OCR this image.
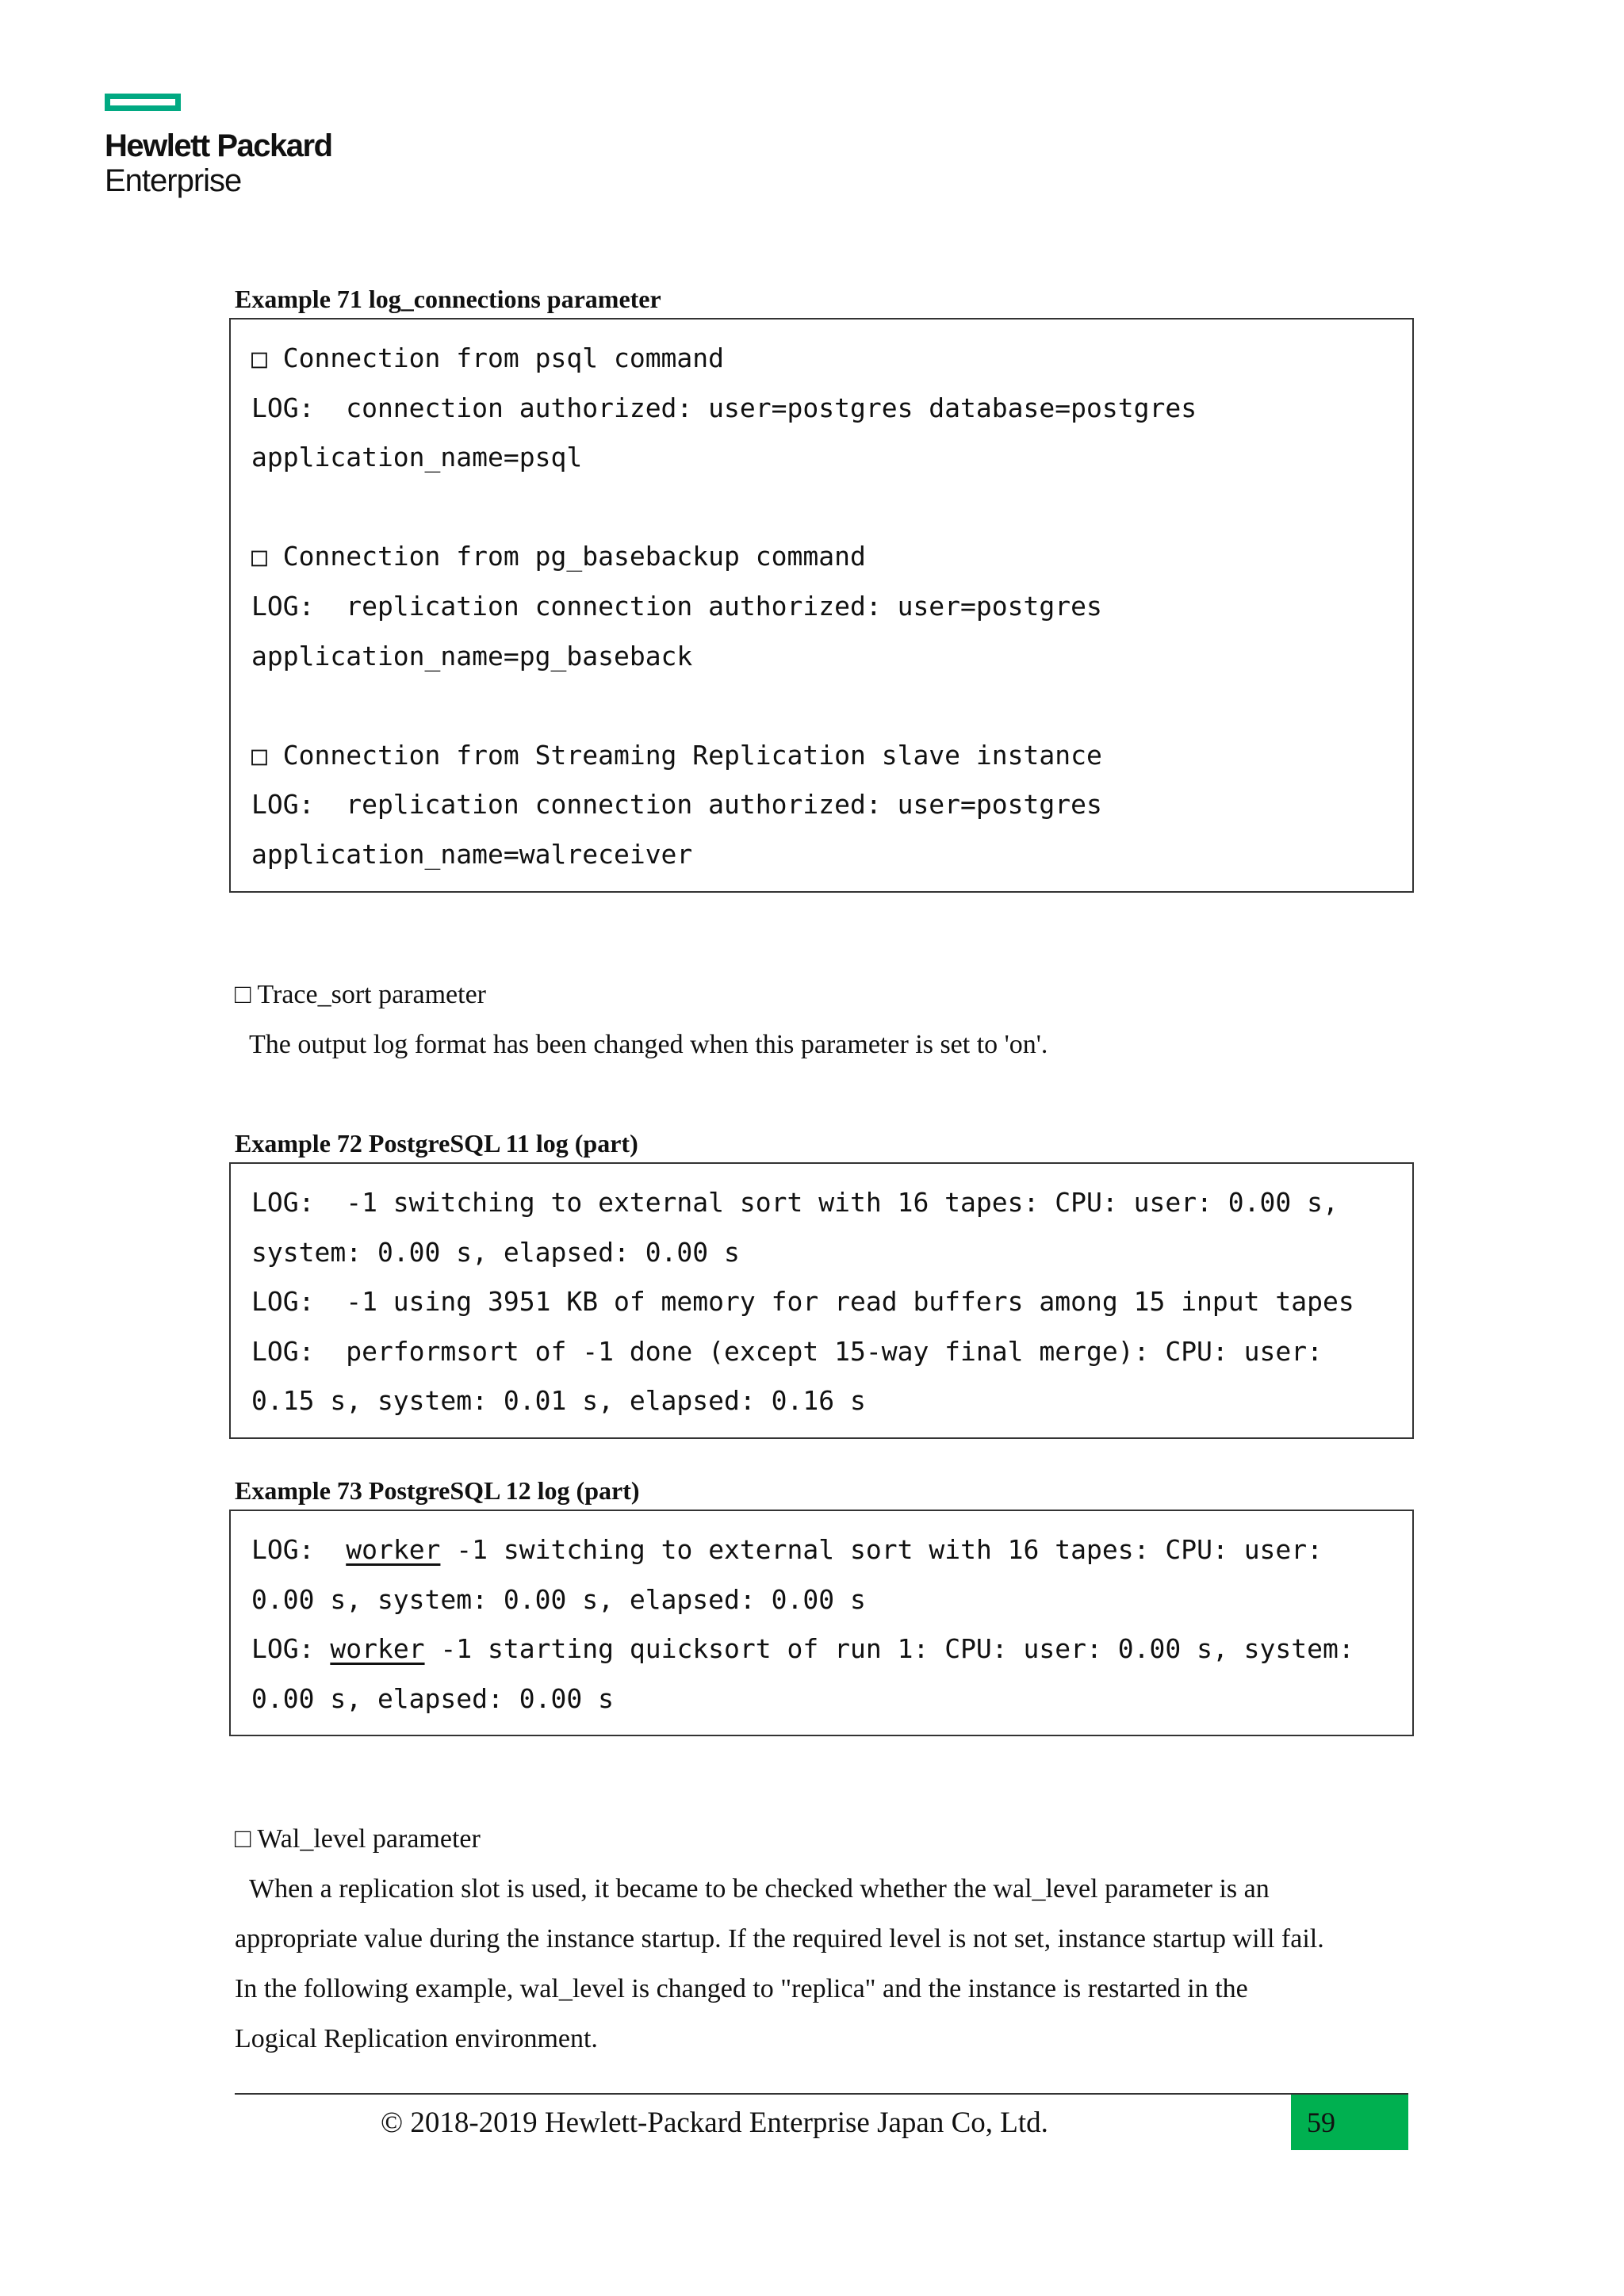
Hewlett Packard
Enterprise
Example 71 log_connections parameter
□ Connection from psql command
LOG:  connection authorized: user=postgres database=postgres
application_name=psql
□ Connection from pg_basebackup command
LOG:  replication connection authorized: user=postgres
application_name=pg_baseback
□ Connection from Streaming Replication slave instance
LOG:  replication connection authorized: user=postgres
application_name=walreceiver
□ Trace_sort parameter
The output log format has been changed when this parameter is set to 'on'.
Example 72 PostgreSQL 11 log (part)
LOG:  -1 switching to external sort with 16 tapes: CPU: user: 0.00 s,
system: 0.00 s, elapsed: 0.00 s
LOG:  -1 using 3951 KB of memory for read buffers among 15 input tapes
LOG:  performsort of -1 done (except 15-way final merge): CPU: user:
0.15 s, system: 0.01 s, elapsed: 0.16 s
Example 73 PostgreSQL 12 log (part)
LOG:  worker -1 switching to external sort with 16 tapes: CPU: user:
0.00 s, system: 0.00 s, elapsed: 0.00 s
LOG: worker -1 starting quicksort of run 1: CPU: user: 0.00 s, system:
0.00 s, elapsed: 0.00 s
□ Wal_level parameter
When a replication slot is used, it became to be checked whether the wal_level parameter is an
appropriate value during the instance startup. If the required level is not set, instance startup will fail.
In the following example, wal_level is changed to "replica" and the instance is restarted in the
Logical Replication environment.
© 2018-2019 Hewlett-Packard Enterprise Japan Co, Ltd.	59
